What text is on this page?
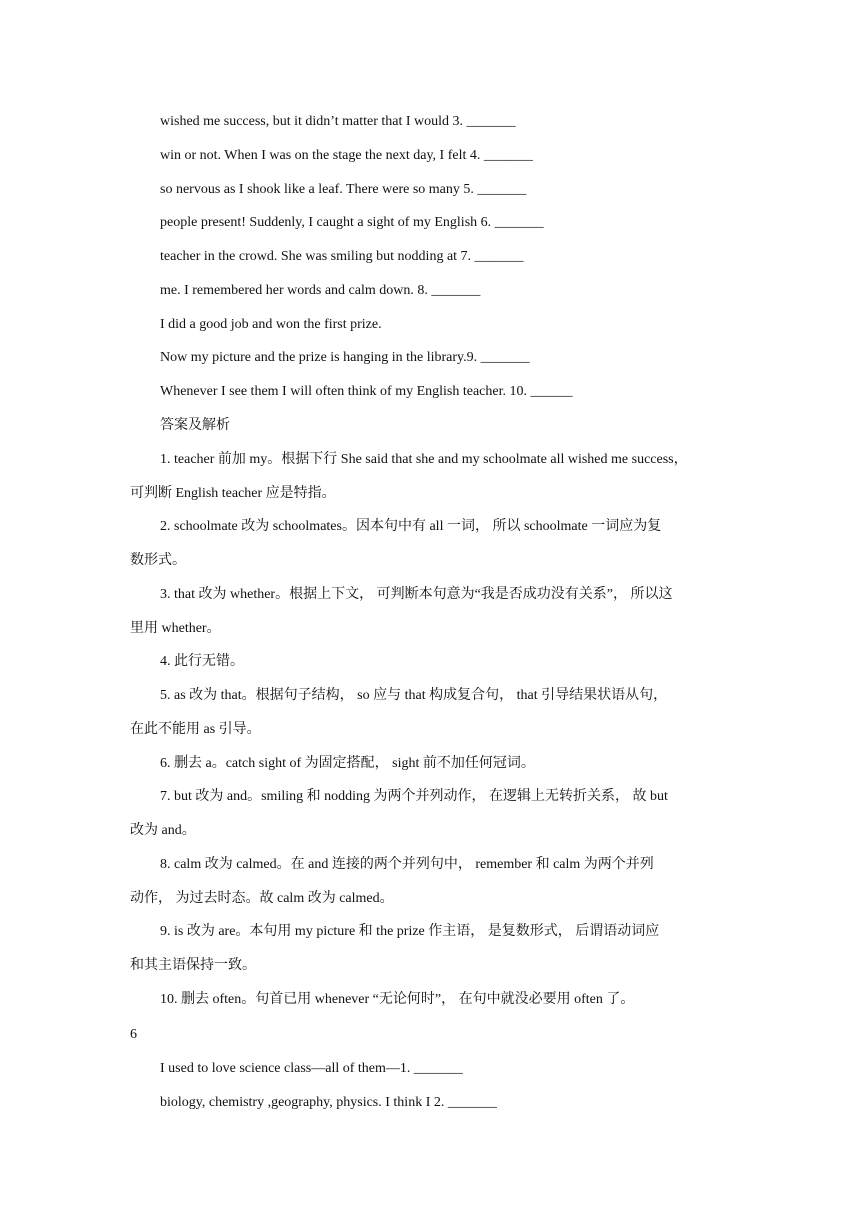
wished me success, but it didn’t matter that I would 3. _______
win or not. When I was on the stage the next day, I felt 4. _______
so nervous as I shook like a leaf. There were so many 5. _______
people present! Suddenly, I caught a sight of my English 6. _______
teacher in the crowd. She was smiling but nodding at 7. _______
me. I remembered her words and calm down. 8. _______
I did a good job and won the first prize.
Now my picture and the prize is hanging in the library.9. _______
Whenever I see them I will often think of my English teacher. 10. ______
答案及解析
1. teacher 前加 my。根据下行 She said that she and my schoolmate all wished me success，
可判断 English teacher 应是特指。
2. schoolmate 改为 schoolmates。因本句中有 all 一词， 所以 schoolmate 一词应为复
数形式。
3. that 改为 whether。根据上下文， 可判断本句意为“我是否成功没有关系”， 所以这
里用 whether。
4. 此行无错。
5. as 改为 that。根据句子结构， so 应与 that 构成复合句， that 引导结果状语从句，
在此不能用 as 引导。
6. 删去 a。catch sight of 为固定搭配， sight 前不加任何冠词。
7. but 改为 and。smiling 和 nodding 为两个并列动作， 在逻辑上无转折关系， 故 but
改为 and。
8. calm 改为 calmed。在 and 连接的两个并列句中， remember 和 calm 为两个并列
动作， 为过去时态。故 calm 改为 calmed。
9. is 改为 are。本句用 my picture 和 the prize 作主语， 是复数形式， 后谓语动词应
和其主语保持一致。
10. 删去 often。句首已用 whenever “无论何时”， 在句中就没必要用 often 了。
6
I used to love science class—all of them—1. _______
biology, chemistry ,geography, physics. I think I 2. _______
